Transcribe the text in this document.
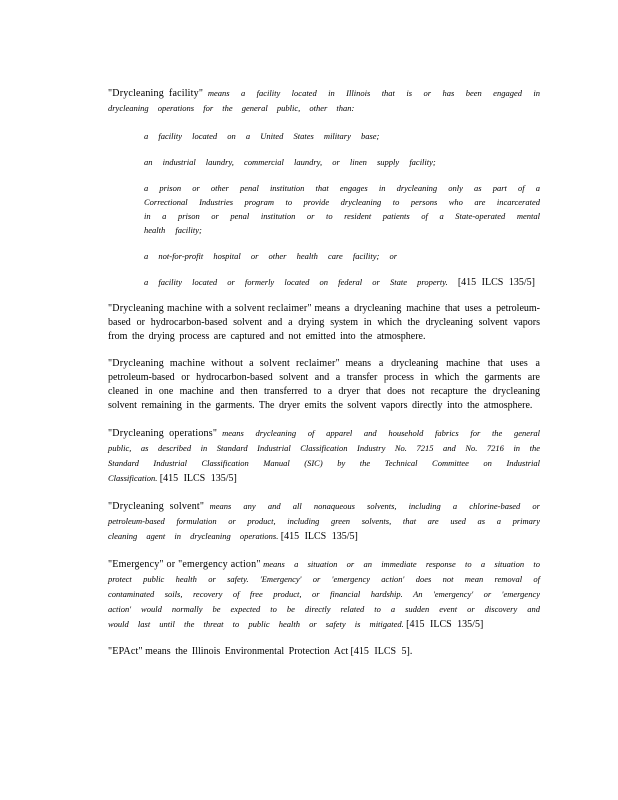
"Drycleaning facility" means a facility located in Illinois that is or has been engaged in drycleaning operations for the general public, other than:

a facility located on a United States military base;

an industrial laundry, commercial laundry, or linen supply facility;

a prison or other penal institution that engages in drycleaning only as part of a Correctional Industries program to provide drycleaning to persons who are incarcerated in a prison or penal institution or to resident patients of a State-operated mental health facility;

a not-for-profit hospital or other health care facility; or

a facility located or formerly located on federal or State property. [415 ILCS 135/5]

"Drycleaning machine with a solvent reclaimer" means a drycleaning machine that uses a petroleum-based or hydrocarbon-based solvent and a drying system in which the drycleaning solvent vapors from the drying process are captured and not emitted into the atmosphere.

"Drycleaning machine without a solvent reclaimer" means a drycleaning machine that uses a petroleum-based or hydrocarbon-based solvent and a transfer process in which the garments are cleaned in one machine and then transferred to a dryer that does not recapture the drycleaning solvent remaining in the garments. The dryer emits the solvent vapors directly into the atmosphere.

"Drycleaning operations" means drycleaning of apparel and household fabrics for the general public, as described in Standard Industrial Classification Industry No. 7215 and No. 7216 in the Standard Industrial Classification Manual (SIC) by the Technical Committee on Industrial Classification. [415 ILCS 135/5]

"Drycleaning solvent" means any and all nonaqueous solvents, including a chlorine-based or petroleum-based formulation or product, including green solvents, that are used as a primary cleaning agent in drycleaning operations. [415 ILCS 135/5]

"Emergency" or "emergency action" means a situation or an immediate response to a situation to protect public health or safety. 'Emergency' or 'emergency action' does not mean removal of contaminated soils, recovery of free product, or financial hardship. An 'emergency' or 'emergency action' would normally be expected to be directly related to a sudden event or discovery and would last until the threat to public health or safety is mitigated. [415 ILCS 135/5]

"EPAct" means the Illinois Environmental Protection Act [415 ILCS 5].
